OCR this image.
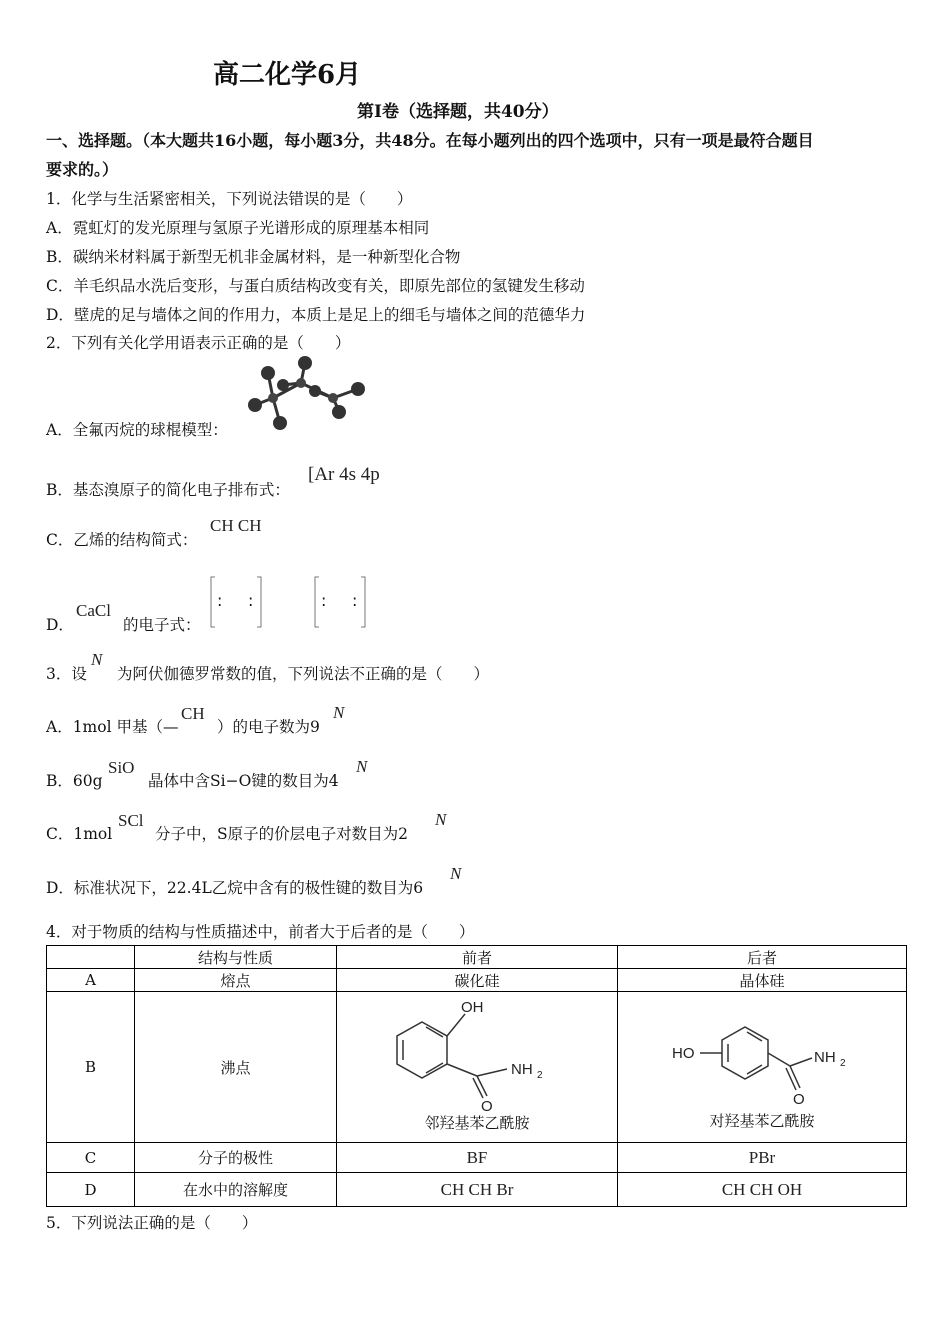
高二化学6月
第Ⅰ卷（选择题，共40分）
一、选择题。（本大题共16小题，每小题3分，共48分。在每小题列出的四个选项中，只有一项是最符合题目
要求的。）
1．化学与生活紧密相关，下列说法错误的是（　　）
A．霓虹灯的发光原理与氢原子光谱形成的原理基本相同
B．碳纳米材料属于新型无机非金属材料，是一种新型化合物
C．羊毛织品水洗后变形，与蛋白质结构改变有关，即原先部位的氢键发生移动
D．壁虎的足与墙体之间的作用力，本质上是足上的细毛与墙体之间的范德华力
2．下列有关化学用语表示正确的是（　　）
A．全氟丙烷的球棍模型：
B．基态溴原子的简化电子排布式：
[Ar 4s 4p
C．乙烯的结构简式：
CH CH
D．
CaCl
的电子式：
: :	: :
3．设
N
为阿伏伽德罗常数的值，下列说法不正确的是（　　）
A．1mol 甲基（—
CH
）的电子数为9
N
B．60g
SiO
晶体中含Si−O键的数目为4
N
C．1mol
SCl
分子中，S原子的价层电子对数目为2
N
D．标准状况下，22.4L乙烷中含有的极性键的数目为6
N
4．对于物质的结构与性质描述中，前者大于后者的是（　　）
	结构与性质	前者	后者
A	熔点	碳化硅	晶体硅
B	沸点	OH
O
NH 2
邻羟基苯乙酰胺	HO
O
NH 2
对羟基苯乙酰胺

C	分子的极性	BF	PBr
D	在水中的溶解度	CH CH Br	CH CH OH
5．下列说法正确的是（　　）
